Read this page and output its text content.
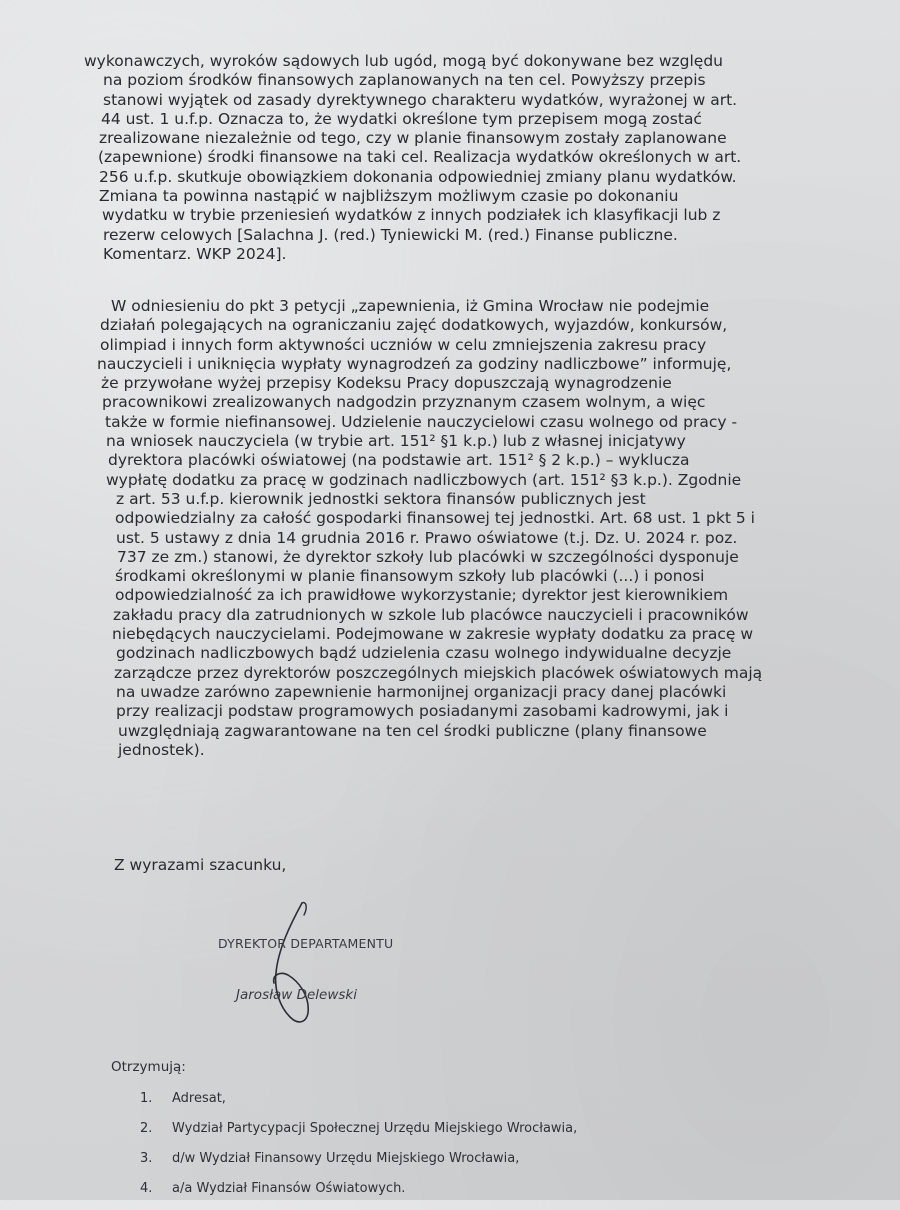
wykonawczych, wyroków sądowych lub ugód, mogą być dokonywane bez względu
na poziom środków finansowych zaplanowanych na ten cel. Powyższy przepis
stanowi wyjątek od zasady dyrektywnego charakteru wydatków, wyrażonej w art.
44 ust. 1 u.f.p. Oznacza to, że wydatki określone tym przepisem mogą zostać
zrealizowane niezależnie od tego, czy w planie finansowym zostały zaplanowane
(zapewnione) środki finansowe na taki cel. Realizacja wydatków określonych w art.
256 u.f.p. skutkuje obowiązkiem dokonania odpowiedniej zmiany planu wydatków.
Zmiana ta powinna nastąpić w najbliższym możliwym czasie po dokonaniu
wydatku w trybie przeniesień wydatków z innych podziałek ich klasyfikacji lub z
rezerw celowych [Salachna J. (red.) Tyniewicki M. (red.) Finanse publiczne.
Komentarz. WKP 2024].
W odniesieniu do pkt 3 petycji „zapewnienia, iż Gmina Wrocław nie podejmie
działań polegających na ograniczaniu zajęć dodatkowych, wyjazdów, konkursów,
olimpiad i innych form aktywności uczniów w celu zmniejszenia zakresu pracy
nauczycieli i uniknięcia wypłaty wynagrodzeń za godziny nadliczbowe” informuję,
że przywołane wyżej przepisy Kodeksu Pracy dopuszczają wynagrodzenie
pracownikowi zrealizowanych nadgodzin przyznanym czasem wolnym, a więc
także w formie niefinansowej. Udzielenie nauczycielowi czasu wolnego od pracy -
na wniosek nauczyciela (w trybie art. 151² §1 k.p.) lub z własnej inicjatywy
dyrektora placówki oświatowej (na podstawie art. 151² § 2 k.p.) – wyklucza
wypłatę dodatku za pracę w godzinach nadliczbowych (art. 151² §3 k.p.). Zgodnie
z art. 53 u.f.p. kierownik jednostki sektora finansów publicznych jest
odpowiedzialny za całość gospodarki finansowej tej jednostki. Art. 68 ust. 1 pkt 5 i
ust. 5 ustawy z dnia 14 grudnia 2016 r. Prawo oświatowe (t.j. Dz. U. 2024 r. poz.
737 ze zm.) stanowi, że dyrektor szkoły lub placówki w szczególności dysponuje
środkami określonymi w planie finansowym szkoły lub placówki (...) i ponosi
odpowiedzialność za ich prawidłowe wykorzystanie; dyrektor jest kierownikiem
zakładu pracy dla zatrudnionych w szkole lub placówce nauczycieli i pracowników
niebędących nauczycielami. Podejmowane w zakresie wypłaty dodatku za pracę w
godzinach nadliczbowych bądź udzielenia czasu wolnego indywidualne decyzje
zarządcze przez dyrektorów poszczególnych miejskich placówek oświatowych mają
na uwadze zarówno zapewnienie harmonijnej organizacji pracy danej placówki
przy realizacji podstaw programowych posiadanymi zasobami kadrowymi, jak i
uwzględniają zagwarantowane na ten cel środki publiczne (plany finansowe
jednostek).
Z wyrazami szacunku,
DYREKTOR DEPARTAMENTU
Jarosław Delewski
Otrzymują:
1. Adresat,
2. Wydział Partycypacji Społecznej Urzędu Miejskiego Wrocławia,
3. d/w Wydział Finansowy Urzędu Miejskiego Wrocławia,
4. a/a Wydział Finansów Oświatowych.
